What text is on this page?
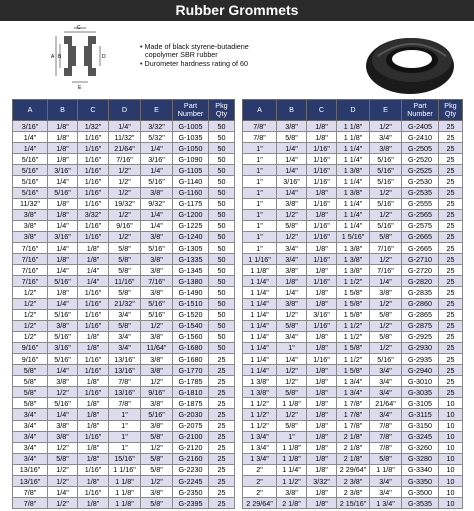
Rubber Grommets
C
A B	D
E
• Made of black styrene-butadiene
copolymer SBR rubber
• Durometer hardness rating of 60
A	B	C	D	E	Part Number	Pkg Qty
3/16"	1/8"	1/32"	1/4"	3/32"	G-1005	50
1/4"	1/8"	1/16"	11/32"	5/32"	G-1035	50
1/4"	1/8"	1/16"	21/64"	1/4"	G-1050	50
5/16"	1/8"	1/16"	7/16"	3/16"	G-1090	50
5/16"	3/16"	1/16"	1/2"	1/4"	G-1105	50
5/16"	1/4"	1/16"	1/2"	5/16"	G-1140	50
5/16"	5/16"	1/16"	1/2"	3/8"	G-1160	50
11/32"	1/8"	1/16"	19/32"	9/32"	G-1175	50
3/8"	1/8"	3/32"	1/2"	1/4"	G-1200	50
3/8"	1/4"	1/16"	9/16"	1/4"	G-1225	50
3/8"	3/16"	1/16"	1/2"	3/8"	G-1240	50
7/16"	1/4"	1/8"	5/8"	5/16"	G-1305	50
7/16"	1/8"	1/8"	5/8"	3/8"	G-1335	50
7/16"	1/4"	1/4"	5/8"	3/8"	G-1345	50
7/16"	5/16"	1/4"	11/16"	7/16"	G-1380	50
1/2"	1/8"	1/16"	5/8"	3/8"	G-1490	50
1/2"	1/4"	1/16"	21/32"	5/16"	G-1510	50
1/2"	5/16"	1/16"	3/4"	5/16"	G-1520	50
1/2"	3/8"	1/16"	5/8"	1/2"	G-1540	50
1/2"	5/16"	1/8"	3/4"	3/8"	G-1560	50
9/16"	3/16"	1/8"	3/4"	11/64"	G-1680	50
9/16"	5/16"	1/16"	13/16"	3/8"	G-1680	25
5/8"	1/4"	1/16"	13/16"	3/8"	G-1770	25
5/8"	3/8"	1/8"	7/8"	1/2"	G-1785	25
5/8"	1/2"	1/16"	13/16"	9/16"	G-1810	25
5/8"	5/16"	1/8"	7/8"	3/8"	G-1875	25
3/4"	1/4"	1/8"	1"	5/16"	G-2030	25
3/4"	3/8"	1/8"	1"	3/8"	G-2075	25
3/4"	3/8"	1/16"	1"	5/8"	G-2100	25
3/4"	1/2"	1/8"	1"	1/2"	G-2120	25
3/4"	5/8"	1/8"	15/16"	5/8"	G-2160	25
13/16"	1/2"	1/16"	1 1/16"	5/8"	G-2230	25
13/16"	1/2"	1/8"	1 1/8"	1/2"	G-2245	25
7/8"	1/4"	1/16"	1 1/8"	3/8"	G-2350	25
7/8"	1/2"	1/8"	1 1/8"	5/8"	G-2395	25
A	B	C	D	E	Part Number	Pkg Qty
7/8"	3/8"	1/8"	1 1/8"	1/2"	G-2405	25
7/8"	5/8"	1/8"	1 1/8"	3/4"	G-2410	25
1"	1/4"	1/16"	1 1/4"	3/8"	G-2505	25
1"	1/4"	1/16"	1 1/4"	5/16"	G-2520	25
1"	1/4"	1/16"	1 3/8"	5/16"	G-2525	25
1"	3/16"	1/16"	1 1/4"	5/16"	G-2530	25
1"	1/4"	1/8"	1 3/8"	1/2"	G-2535	25
1"	3/8"	1/16"	1 1/4"	5/16"	G-2555	25
1"	1/2"	1/8"	1 1/4"	1/2"	G-2565	25
1"	5/8"	1/16"	1 1/4"	5/16"	G-2575	25
1"	1/2"	1/16"	1 5/16"	5/8"	G-2665	25
1"	3/4"	1/8"	1 3/8"	7/16"	G-2665	25
1 1/16"	3/4"	1/16"	1 3/8"	1/2"	G-2710	25
1 1/8"	3/8"	1/8"	1 3/8"	7/16"	G-2720	25
1 1/4"	1/8"	1/16"	1 1/2"	1/4"	G-2820	25
1 1/4"	1/4"	1/8"	1 5/8"	3/8"	G-2835	25
1 1/4"	3/8"	1/8"	1 5/8"	1/2"	G-2860	25
1 1/4"	1/2"	3/16"	1 5/8"	5/8"	G-2865	25
1 1/4"	5/8"	1/16"	1 1/2"	1/2"	G-2875	25
1 1/4"	3/4"	1/8"	1 1/2"	5/8"	G-2925	25
1 1/4"	1"	1/8"	1 5/8"	1/2"	G-2930	25
1 1/4"	1/4"	1/16"	1 1/2"	5/16"	G-2935	25
1 1/4"	1/2"	1/8"	1 5/8"	3/4"	G-2940	25
1 3/8"	1/2"	1/8"	1 3/4"	3/4"	G-3010	25
1 3/8"	5/8"	1/8"	1 3/4"	3/4"	G-3035	25
1 1/2"	1 1/8"	1/8"	1 7/8"	21/64"	G-3105	10
1 1/2"	1/2"	1/8"	1 7/8"	3/4"	G-3115	10
1 1/2"	5/8"	1/8"	1 7/8"	7/8"	G-3150	10
1 3/4"	1"	1/8"	2 1/8"	7/8"	G-3245	10
1 3/4"	1 1/8"	1/8"	2 1/8"	7/8"	G-3260	10
1 3/4"	1 1/8"	1/8"	2 1/8"	5/8"	G-3280	10
2"	1 1/4"	1/8"	2 29/64"	1 1/8"	G-3340	10
2"	1 1/2"	3/32"	2 3/8"	3/4"	G-3350	10
2"	3/8"	1/8"	2 3/8"	3/4"	G-3500	10
2 29/64"	2 1/8"	1/8"	2 15/16"	1 3/4"	G-3535	10
